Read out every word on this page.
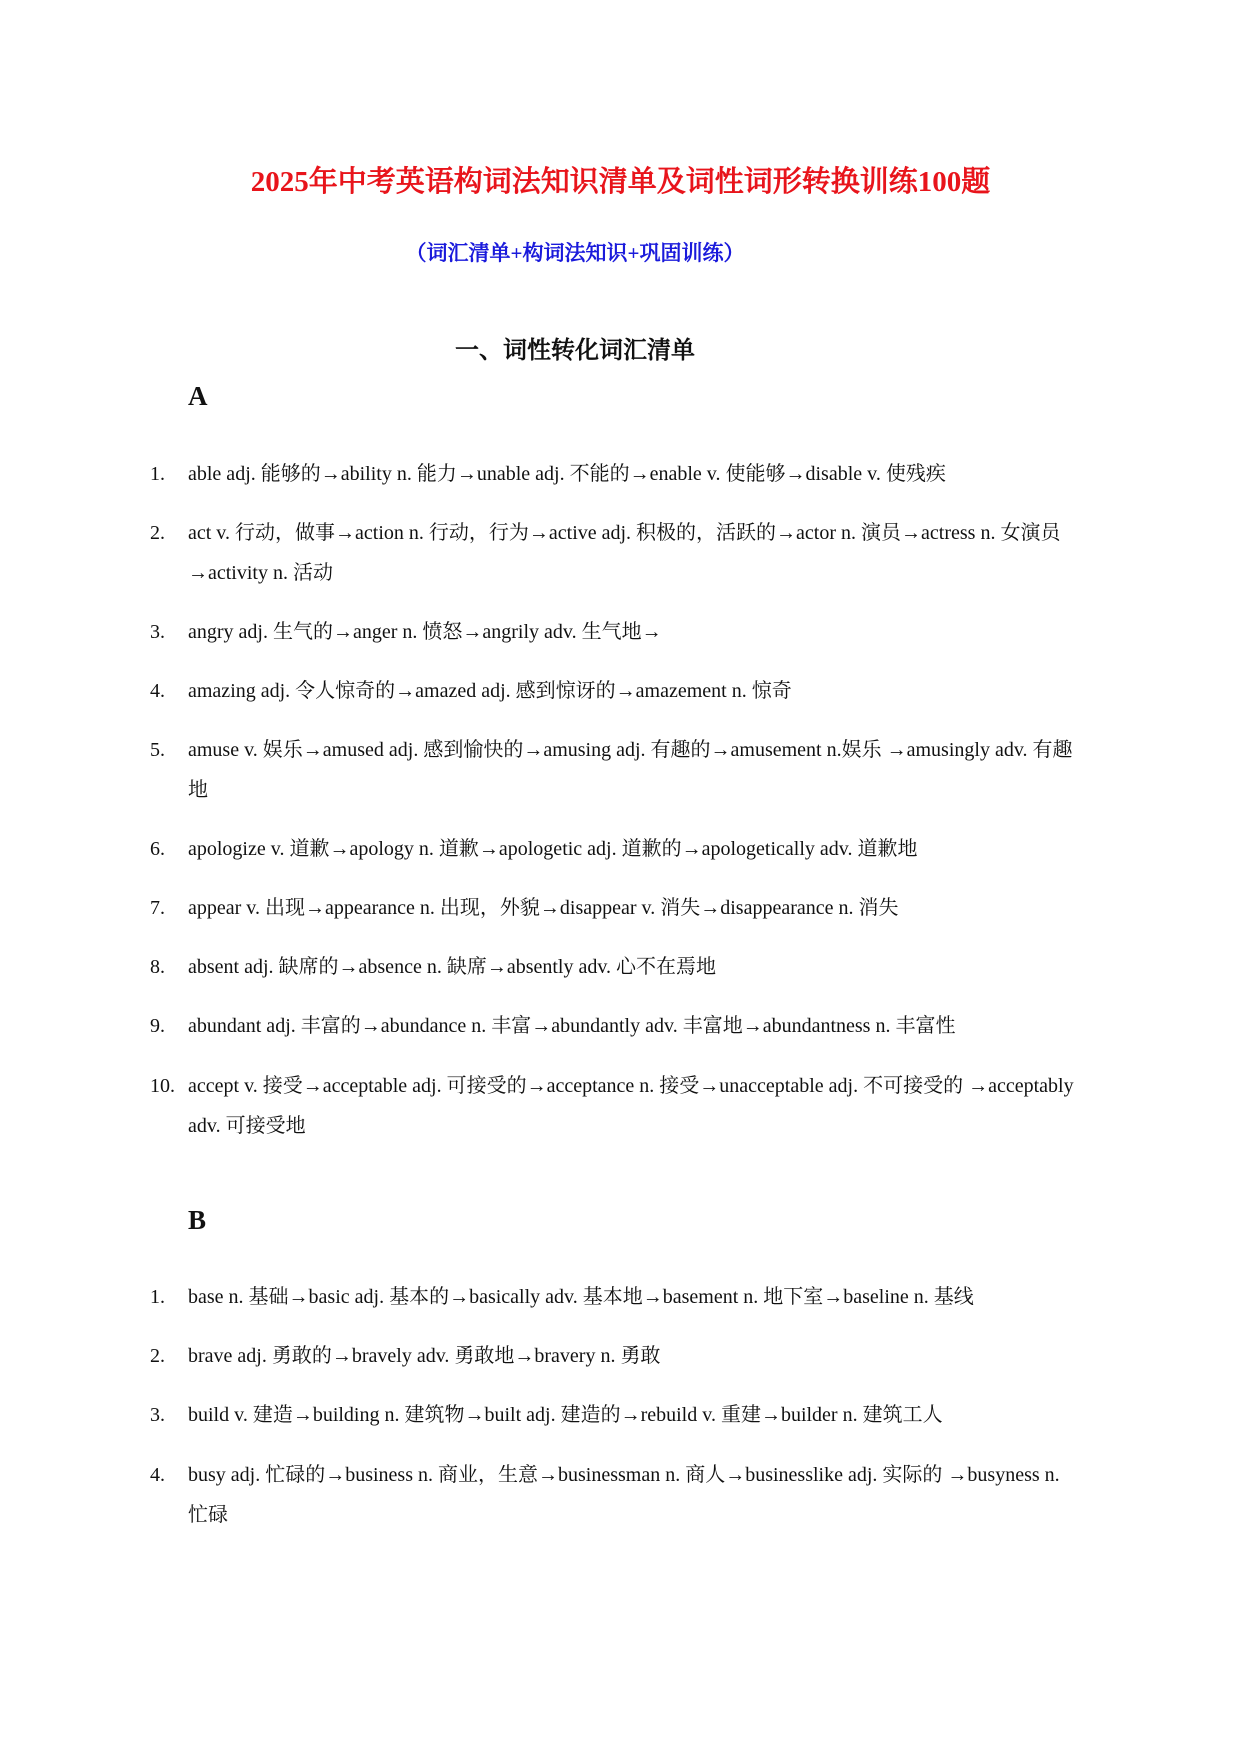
2025年中考英语构词法知识清单及词性词形转换训练100题
（词汇清单+构词法知识+巩固训练）
一、词性转化词汇清单
A
1. able adj. 能够的→ability n. 能力→unable adj. 不能的→enable v. 使能够→disable v. 使残疾
2. act v. 行动，做事→action n. 行动，行为→active adj. 积极的，活跃的→actor n. 演员→actress n. 女演员→activity n. 活动
3. angry adj. 生气的→anger n. 愤怒→angrily adv. 生气地→
4. amazing adj. 令人惊奇的→amazed adj. 感到惊讶的→amazement n. 惊奇
5. amuse v. 娱乐→amused adj. 感到愉快的→amusing adj. 有趣的→amusement n.娱乐 →amusingly adv. 有趣地
6. apologize v. 道歉→apology n. 道歉→apologetic adj. 道歉的→apologetically adv. 道歉地
7. appear v. 出现→appearance n. 出现，外貌→disappear v. 消失→disappearance n. 消失
8. absent adj. 缺席的→absence n. 缺席→absently adv. 心不在焉地
9. abundant adj. 丰富的→abundance n. 丰富→abundantly adv. 丰富地→abundantness n. 丰富性
10. accept v. 接受→acceptable adj. 可接受的→acceptance n. 接受→unacceptable adj. 不可接受的 →acceptably adv. 可接受地
B
1. base n. 基础→basic adj. 基本的→basically adv. 基本地→basement n. 地下室→baseline n. 基线
2. brave adj. 勇敢的→bravely adv. 勇敢地→bravery n. 勇敢
3. build v. 建造→building n. 建筑物→built adj. 建造的→rebuild v. 重建→builder n. 建筑工人
4. busy adj. 忙碌的→business n. 商业，生意→businessman n. 商人→businesslike adj. 实际的 →busyness n. 忙碌
